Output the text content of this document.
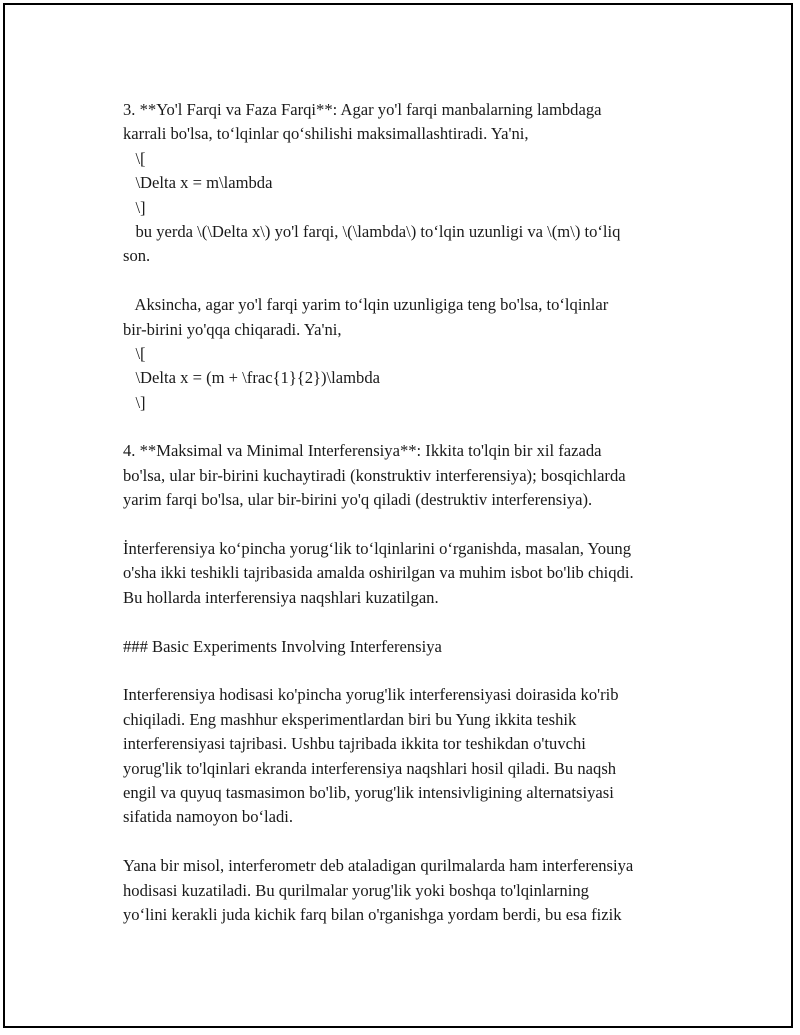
3. **Yo'l Farqi va Faza Farqi**: Agar yo'l farqi manbalarning lambdaga
karrali bo'lsa, to‘lqinlar qo‘shilishi maksimallashtiradi. Ya'ni,
\[
\Delta x = m\lambda
\]
bu yerda \(\Delta x\) yo'l farqi, \(\lambda\) to‘lqin uzunligi va \(m\) to‘liq
son.
Aksincha, agar yo'l farqi yarim to‘lqin uzunligiga teng bo'lsa, to‘lqinlar
bir-birini yo'qqa chiqaradi. Ya'ni,
\[
\Delta x = (m + \frac{1}{2})\lambda
\]
4. **Maksimal va Minimal Interferensiya**: Ikkita to'lqin bir xil fazada
bo'lsa, ular bir-birini kuchaytiradi (konstruktiv interferensiya); bosqichlarda
yarim farqi bo'lsa, ular bir-birini yo'q qiladi (destruktiv interferensiya).
İnterferensiya ko‘pincha yorug‘lik to‘lqinlarini o‘rganishda, masalan, Young
o'sha ikki teshikli tajribasida amalda oshirilgan va muhim isbot bo'lib chiqdi.
Bu hollarda interferensiya naqshlari kuzatilgan.
### Basic Experiments Involving Interferensiya
Interferensiya hodisasi ko'pincha yorug'lik interferensiyasi doirasida ko'rib
chiqiladi. Eng mashhur eksperimentlardan biri bu Yung ikkita teshik
interferensiyasi tajribasi. Ushbu tajribada ikkita tor teshikdan o'tuvchi
yorug'lik to'lqinlari ekranda interferensiya naqshlari hosil qiladi. Bu naqsh
engil va quyuq tasmasimon bo'lib, yorug'lik intensivligining alternatsiyasi
sifatida namoyon bo‘ladi.
Yana bir misol, interferometr deb ataladigan qurilmalarda ham interferensiya
hodisasi kuzatiladi. Bu qurilmalar yorug'lik yoki boshqa to'lqinlarning
yo‘lini kerakli juda kichik farq bilan o'rganishga yordam berdi, bu esa fizik
